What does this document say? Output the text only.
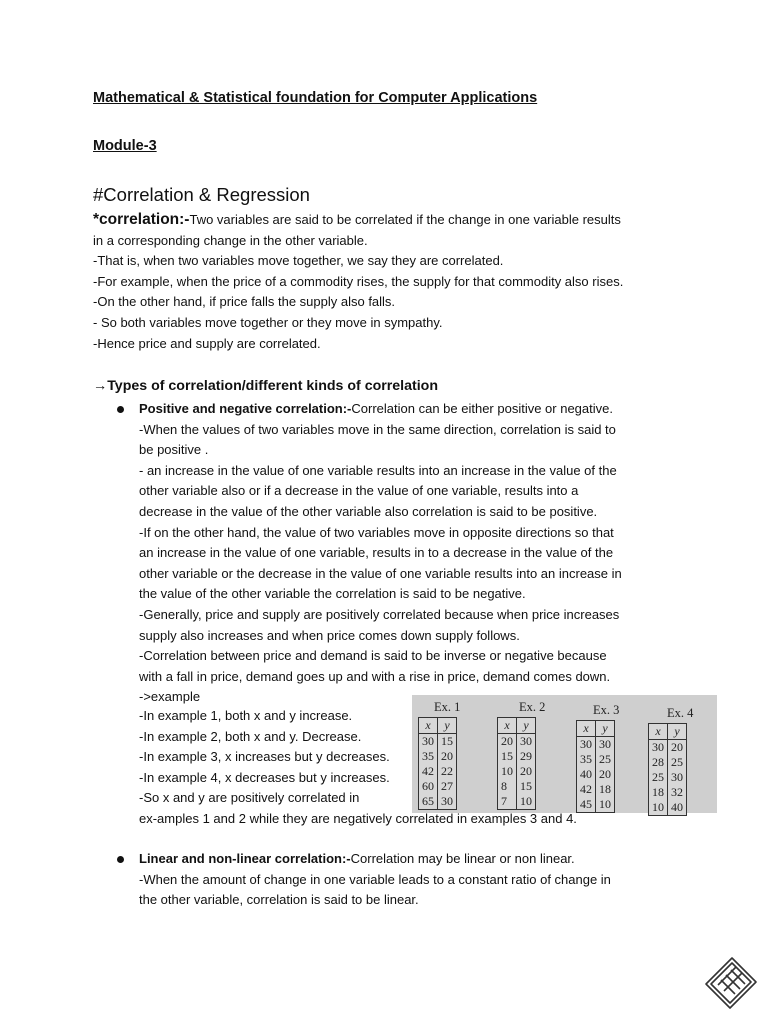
Mathematical & Statistical foundation for Computer Applications
Module-3
#Correlation & Regression

*correlation:-Two variables are said to be correlated if the change in one variable results

in a corresponding change in the other variable.

-That is, when two variables move together, we say they are correlated.

-For example, when the price of a commodity rises, the supply for that commodity also rises.

-On the other hand, if price falls the supply also falls.

- So both variables move together or they move in sympathy.

-Hence price and supply are correlated.

→Types of correlation/different kinds of correlation

Positive and negative correlation:-Correlation can be either positive or negative.

-When the values of two variables move in the same direction, correlation is said to

be positive .

- an increase in the value of one variable results into an increase in the value of the

other variable also or if a decrease in the value of one variable, results into a

decrease in the value of the other variable also correlation is said to be positive.

-If on the other hand, the value of two variables move in opposite directions so that

an increase in the value of one variable, results in to a decrease in the value of the

other variable or the decrease in the value of one variable results into an increase in

the value of the other variable the correlation is said to be negative.

-Generally, price and supply are positively correlated because when price increases

supply also increases and when price comes down supply follows.

-Correlation between price and demand is said to be inverse or negative because

with a fall in price, demand goes up and with a rise in price, demand comes down.

->example

-In example 1, both x and y increase.

-In example 2, both x and y. Decrease.

-In example 3, x increases but y decreases.

-In example 4, x decreases but y increases.

-So x and y are positively correlated in

Ex. 1	Ex. 2	Ex. 3	Ex. 4
x	y
30	15
35	20
42	22
60	27
65	30
x	y
20	30
15	29
10	20
8	15
7	10
x	y
30	30
35	25
40	20
42	18
45	10
x	y
30	20
28	25
25	30
18	32
10	40
ex-amples 1 and 2 while they are negatively correlated in examples 3 and 4.

Linear and non-linear correlation:-Correlation may be linear or non linear.

-When the amount of change in one variable leads to a constant ratio of change in

the other variable, correlation is said to be linear.
